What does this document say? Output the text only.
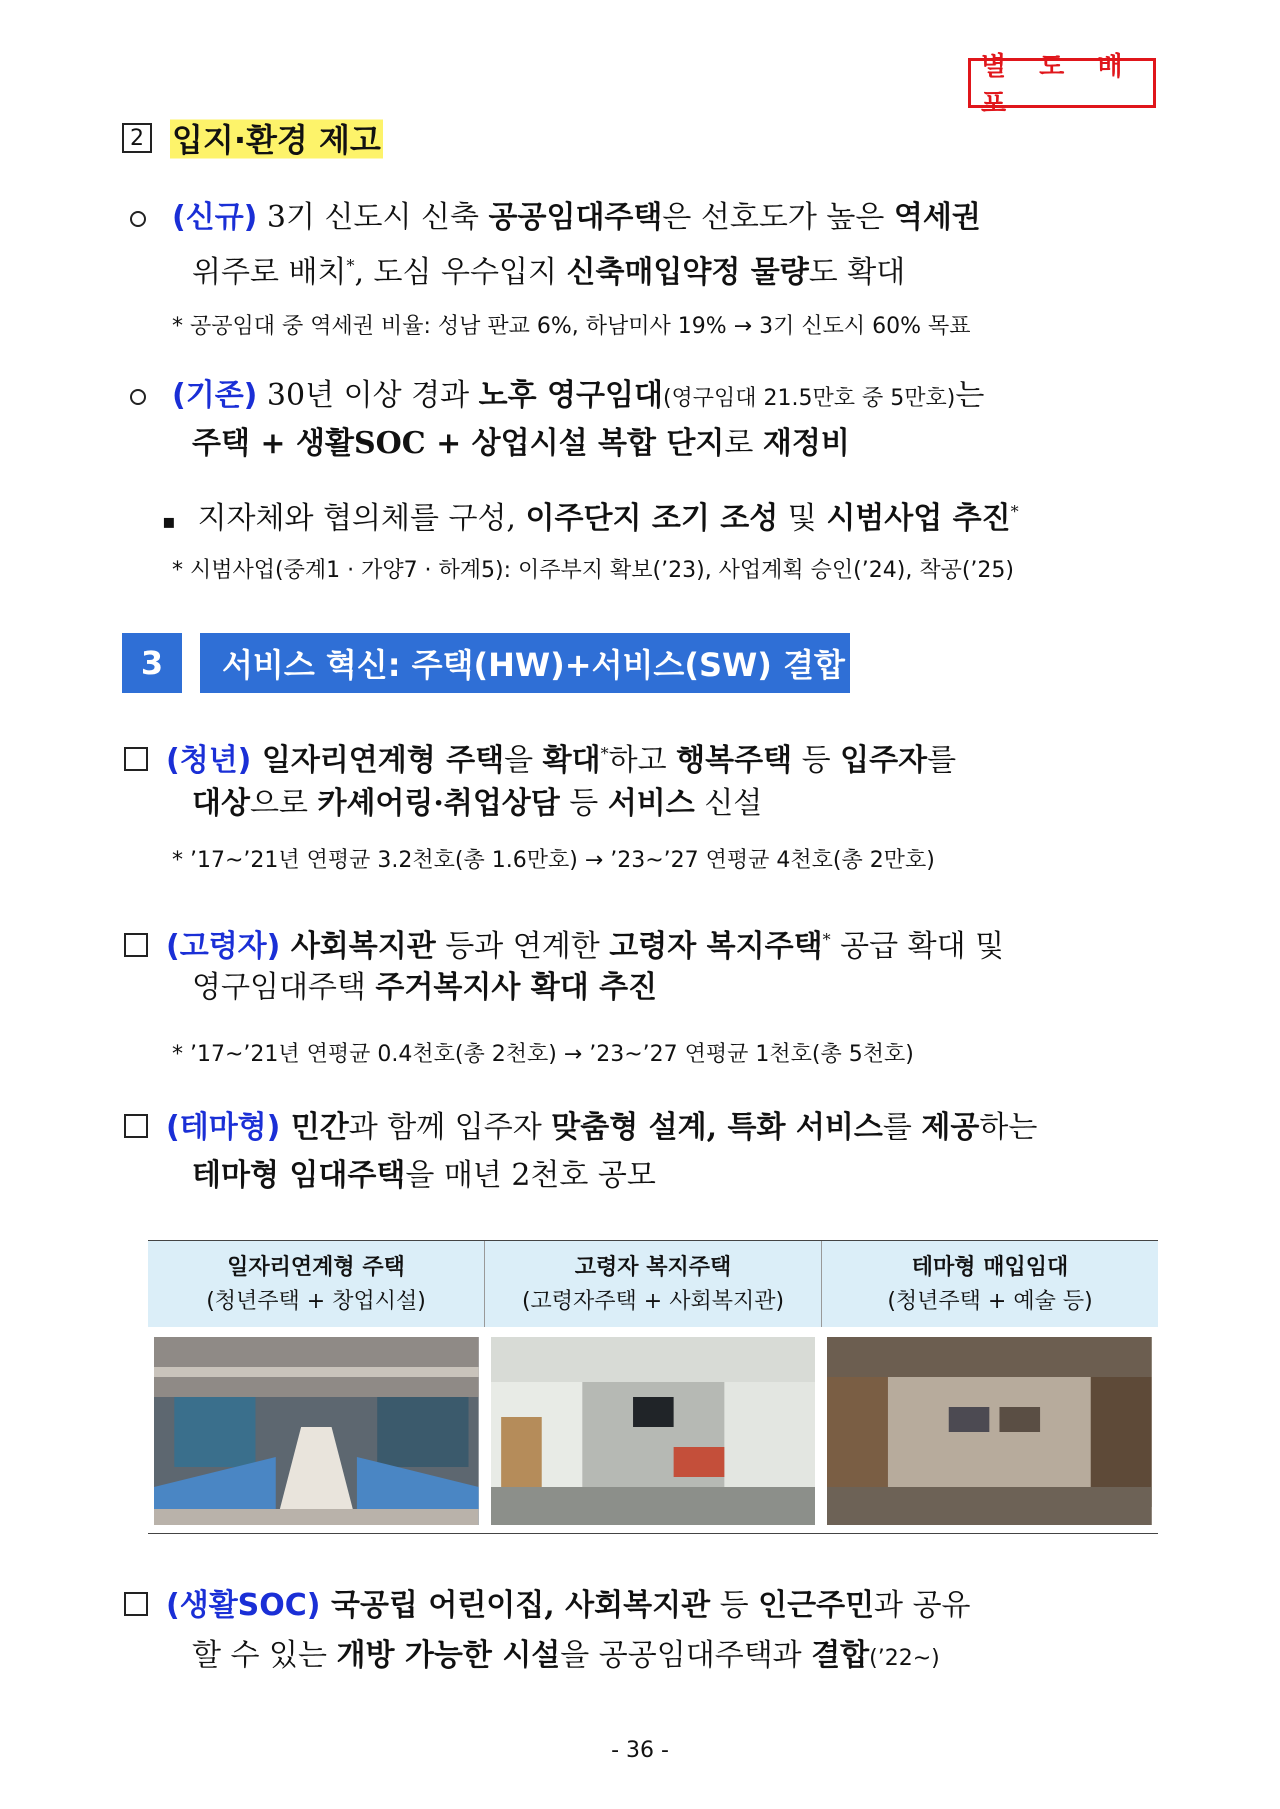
별 도 배 포
2 입지·환경 제고
(신규) 3기 신도시 신축 공공임대주택은 선호도가 높은 역세권
위주로 배치*, 도심 우수입지 신축매입약정 물량도 확대
* 공공임대 중 역세권 비율: 성남 판교 6%, 하남미사 19% → 3기 신도시 60% 목표
(기존) 30년 이상 경과 노후 영구임대(영구임대 21.5만호 중 5만호)는
주택 + 생활SOC + 상업시설 복합 단지로 재정비
▪ 지자체와 협의체를 구성, 이주단지 조기 조성 및 시범사업 추진*
* 시범사업(중계1 · 가양7 · 하계5): 이주부지 확보(’23), 사업계획 승인(’24), 착공(’25)
3	서비스 혁신: 주택(HW)+서비스(SW) 결합
(청년) 일자리연계형 주택을 확대*하고 행복주택 등 입주자를
대상으로 카셰어링·취업상담 등 서비스 신설
* ’17~’21년 연평균 3.2천호(총 1.6만호) → ’23~’27 연평균 4천호(총 2만호)
(고령자) 사회복지관 등과 연계한 고령자 복지주택* 공급 확대 및
영구임대주택 주거복지사 확대 추진
* ’17~’21년 연평균 0.4천호(총 2천호) → ’23~’27 연평균 1천호(총 5천호)
(테마형) 민간과 함께 입주자 맞춤형 설계, 특화 서비스를 제공하는
테마형 임대주택을 매년 2천호 공모
일자리연계형 주택
(청년주택 + 창업시설)
고령자 복지주택
(고령자주택 + 사회복지관)
테마형 매입임대
(청년주택 + 예술 등)
(생활SOC) 국공립 어린이집, 사회복지관 등 인근주민과 공유
할 수 있는 개방 가능한 시설을 공공임대주택과 결합(’22~)
- 36 -
